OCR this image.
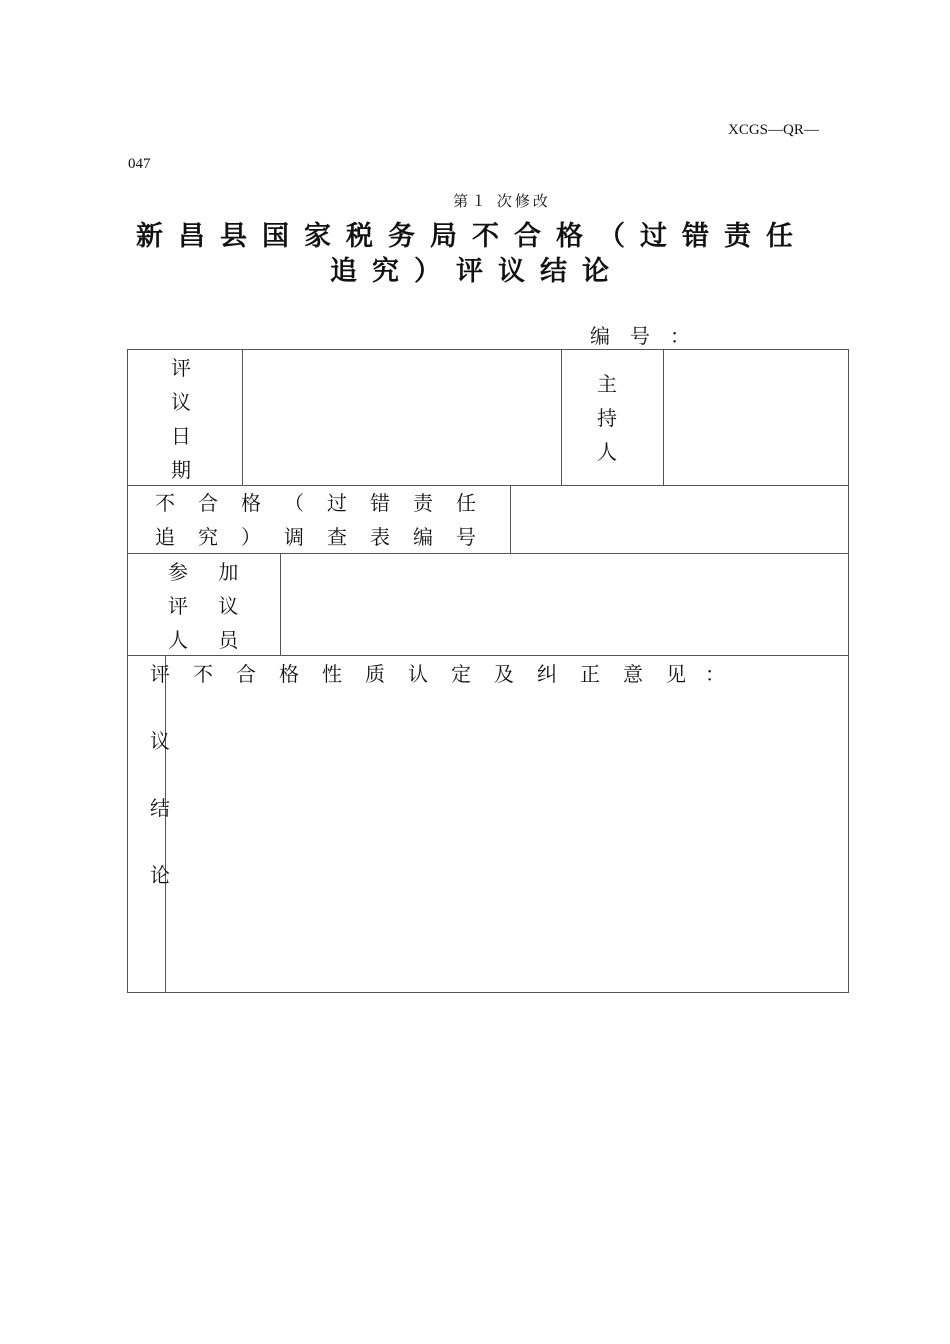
XCGS—QR—
047
第１ 次修改
新昌县国家税务局不合格（过错责任
追究）评议结论
编号：
评
议
日
期
主
持
人
不 合 格 （ 过 错 责 任
追 究 ） 调 查 表 编 号
参 加
评 议
人 员
评
议
结
论
不 合 格 性 质 认 定 及 纠 正 意 见 ：
